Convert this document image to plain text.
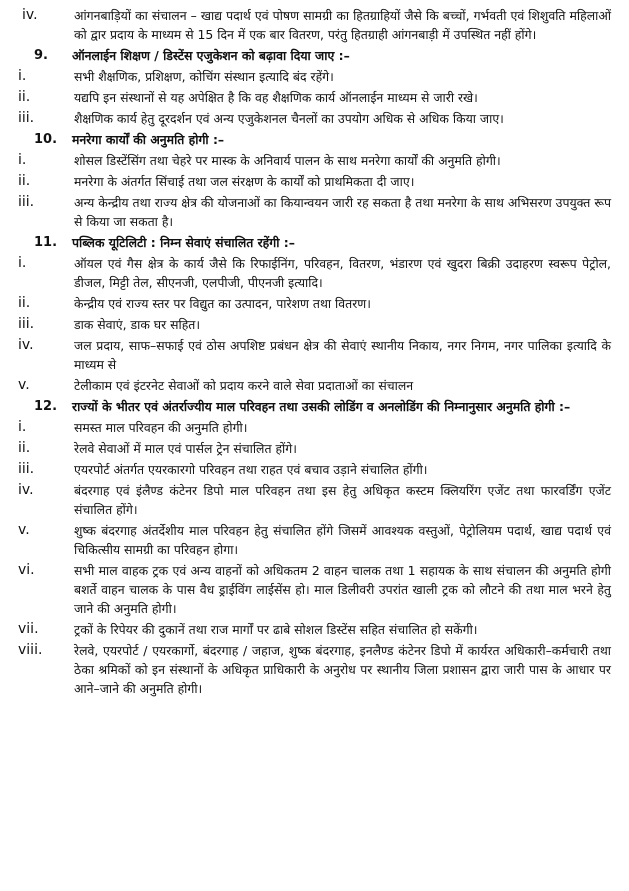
iv.	आंगनबाड़ियों का संचालन – खाद्य पदार्थ एवं पोषण सामग्री का हितग्राहियों जैसे कि बच्चों, गर्भवती एवं शिशुवति महिलाओं को द्वार प्रदाय के माध्यम से 15 दिन में एक बार वितरण, परंतु हितग्राही आंगनबाड़ी में उपस्थित नहीं होंगे।
9.	ऑनलाईन शिक्षण / डिस्टेंस एजुकेशन को बढ़ावा दिया जाए :–
i.	सभी शैक्षणिक, प्रशिक्षण, कोचिंग संस्थान इत्यादि बंद रहेंगे।
ii.	यद्यपि इन संस्थानों से यह अपेक्षित है कि वह शैक्षणिक कार्य ऑनलाईन माध्यम से जारी रखे।
iii.	शैक्षणिक कार्य हेतु दूरदर्शन एवं अन्य एजुकेशनल चैनलों का उपयोग अधिक से अधिक किया जाए।
10.	मनरेगा कार्यों की अनुमति होगी :–
i.	शोसल डिस्टेंसिंग तथा चेहरे पर मास्क के अनिवार्य पालन के साथ मनरेगा कार्यों की अनुमति होगी।
ii.	मनरेगा के अंतर्गत सिंचाई तथा जल संरक्षण के कार्यों को प्राथमिकता दी जाए।
iii.	अन्य केन्द्रीय तथा राज्य क्षेत्र की योजनाओं का कियान्वयन जारी रह सकता है तथा मनरेगा के साथ अभिसरण उपयुक्त रूप से किया जा सकता है।
11.	पब्लिक यूटिलिटी : निम्न सेवाएं संचालित रहेंगी :–
i.	ऑयल एवं गैस क्षेत्र के कार्य जैसे कि रिफाईनिंग, परिवहन, वितरण, भंडारण एवं खुदरा बिक्री उदाहरण स्वरूप पेट्रोल, डीजल, मिट्टी तेल, सीएनजी, एलपीजी, पीएनजी इत्यादि।
ii.	केन्द्रीय एवं राज्य स्तर पर विद्युत का उत्पादन, पारेशण तथा वितरण।
iii.	डाक सेवाएं, डाक घर सहित।
iv.	जल प्रदाय, साफ–सफाई एवं ठोस अपशिष्ट प्रबंधन क्षेत्र की सेवाएं स्थानीय निकाय, नगर निगम, नगर पालिका इत्यादि के माध्यम से
v.	टेलीकाम एवं इंटरनेट सेवाओं को प्रदाय करने वाले सेवा प्रदाताओं का संचालन
12.	राज्यों के भीतर एवं अंतर्राज्यीय माल परिवहन तथा उसकी लोडिंग व अनलोडिंग की निम्नानुसार अनुमति होगी :–
i.	समस्त माल परिवहन की अनुमति होगी।
ii.	रेलवे सेवाओं में माल एवं पार्सल ट्रेन संचालित होंगे।
iii.	एयरपोर्ट अंतर्गत एयरकारगो परिवहन तथा राहत एवं बचाव उड़ाने संचालित होंगी।
iv.	बंदरगाह एवं इंलैण्ड कंटेनर डिपो माल परिवहन तथा इस हेतु अधिकृत कस्टम क्लियरिंग एजेंट तथा फारवर्डिंग एजेंट संचालित होंगे।
v.	शुष्क बंदरगाह अंतर्देशीय माल परिवहन हेतु संचालित होंगे जिसमें आवश्यक वस्तुओं, पेट्रोलियम पदार्थ, खाद्य पदार्थ एवं चिकित्सीय सामग्री का परिवहन होगा।
vi.	सभी माल वाहक ट्रक एवं अन्य वाहनों को अधिकतम 2 वाहन चालक तथा 1 सहायक के साथ संचालन की अनुमति होगी बशर्ते वाहन चालक के पास वैध ड्राईविंग लाईसेंस हो। माल डिलीवरी उपरांत खाली ट्रक को लौटने की तथा माल भरने हेतु जाने की अनुमति होगी।
vii.	ट्रकों के रिपेयर की दुकानें तथा राज मार्गों पर ढाबे सोशल डिस्टेंस सहित संचालित हो सकेंगी।
viii.	रेलवे, एयरपोर्ट / एयरकार्गो, बंदरगाह / जहाज, शुष्क बंदरगाह, इनलैण्ड कंटेनर डिपो में कार्यरत अधिकारी–कर्मचारी तथा ठेका श्रमिकों को इन संस्थानों के अधिकृत प्राधिकारी के अनुरोध पर स्थानीय जिला प्रशासन द्वारा जारी पास के आधार पर आने–जाने की अनुमति होगी।
